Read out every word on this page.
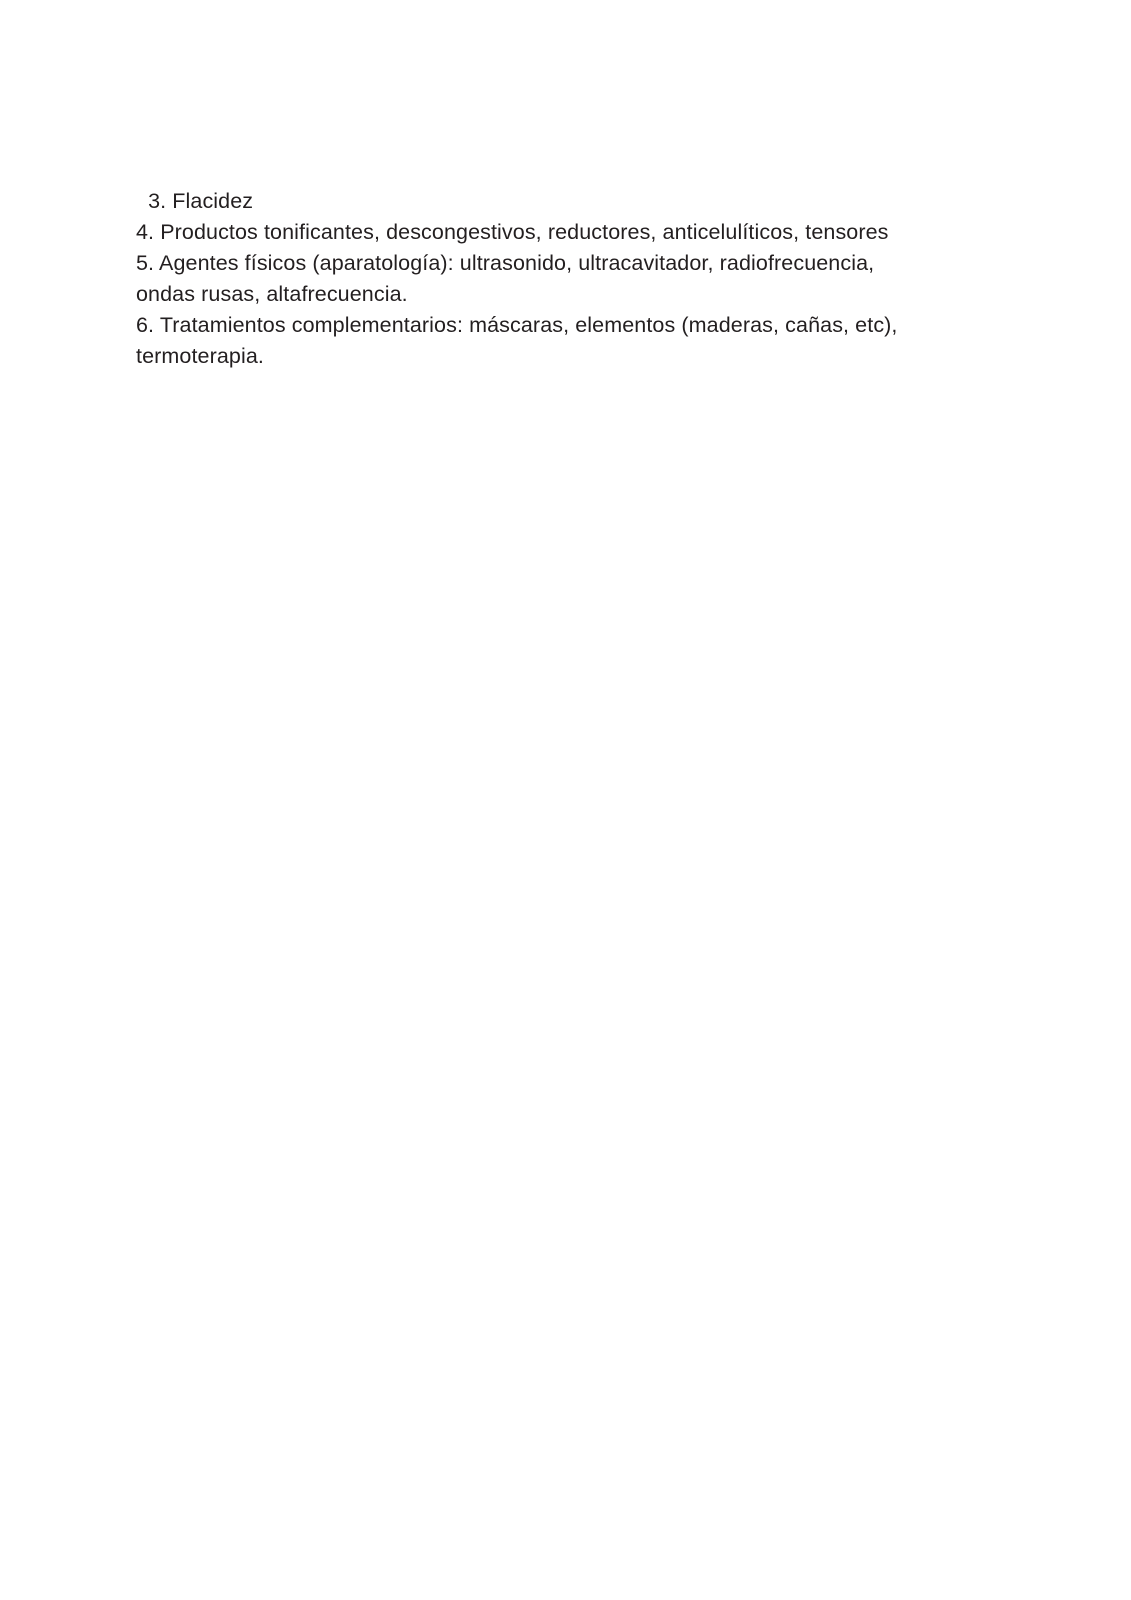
3. Flacidez
4. Productos tonificantes, descongestivos, reductores, anticelulíticos, tensores
5. Agentes físicos (aparatología): ultrasonido, ultracavitador, radiofrecuencia,
ondas rusas, altafrecuencia.
6. Tratamientos complementarios: máscaras, elementos (maderas, cañas, etc),
termoterapia.
